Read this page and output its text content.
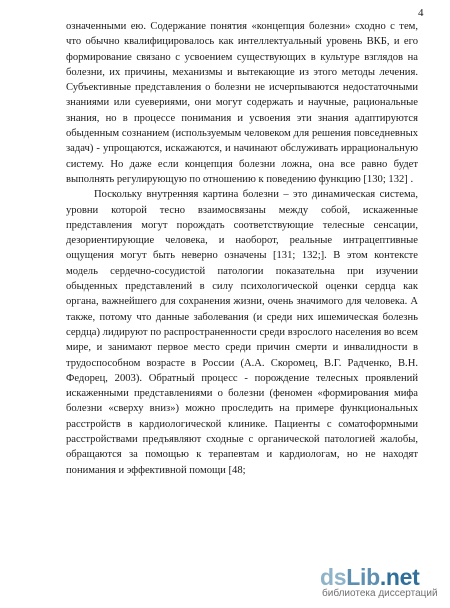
4
означенными ею. Содержание понятия «концепция болезни» сходно с тем,
что обычно квалифицировалось как интеллектуальный уровень ВКБ, и его
формирование связано с усвоением существующих в культуре взглядов на
болезни, их причины, механизмы и вытекающие из этого методы лечения.
Субъективные представления о болезни не исчерпываются недостаточными
знаниями или суевериями, они могут содержать и научные, рациональные
знания, но в процессе понимания и усвоения эти знания адаптируются
обыденным сознанием (используемым человеком для решения повседневных
задач) - упрощаются, искажаются, и начинают обслуживать иррациональную
систему. Но даже если концепция болезни ложна, она все равно будет
выполнять регулирующую по отношению к поведению функцию [130; 132] .
Поскольку внутренняя картина болезни – это динамическая система,
уровни которой тесно взаимосвязаны между собой, искаженные
представления могут порождать соответствующие телесные сенсации,
дезориентирующие человека, и наоборот, реальные интрацептивные
ощущения могут быть неверно означены [131; 132;]. В этом контексте
модель сердечно-сосудистой патологии показательна при изучении
обыденных представлений в силу психологической оценки сердца как
органа, важнейшего для сохранения жизни, очень значимого для человека. А
также, потому что данные заболевания (и среди них ишемическая болезнь
сердца) лидируют по распространенности среди взрослого населения во всем
мире, и занимают первое место среди причин смерти и инвалидности в
трудоспособном возрасте в России (А.А. Скоромец, В.Г. Радченко, В.Н.
Федорец, 2003). Обратный процесс - порождение телесных проявлений
искаженными представлениями о болезни (феномен «формирования мифа
болезни «сверху вниз») можно проследить на примере функциональных
расстройств в кардиологической клинике. Пациенты с соматоформными
расстройствами предъявляют сходные с органической патологией жалобы,
обращаются за помощью к терапевтам и кардиологам, но не находят
понимания и эффективной помощи [48;
dsLib.net
библиотека диссертаций
